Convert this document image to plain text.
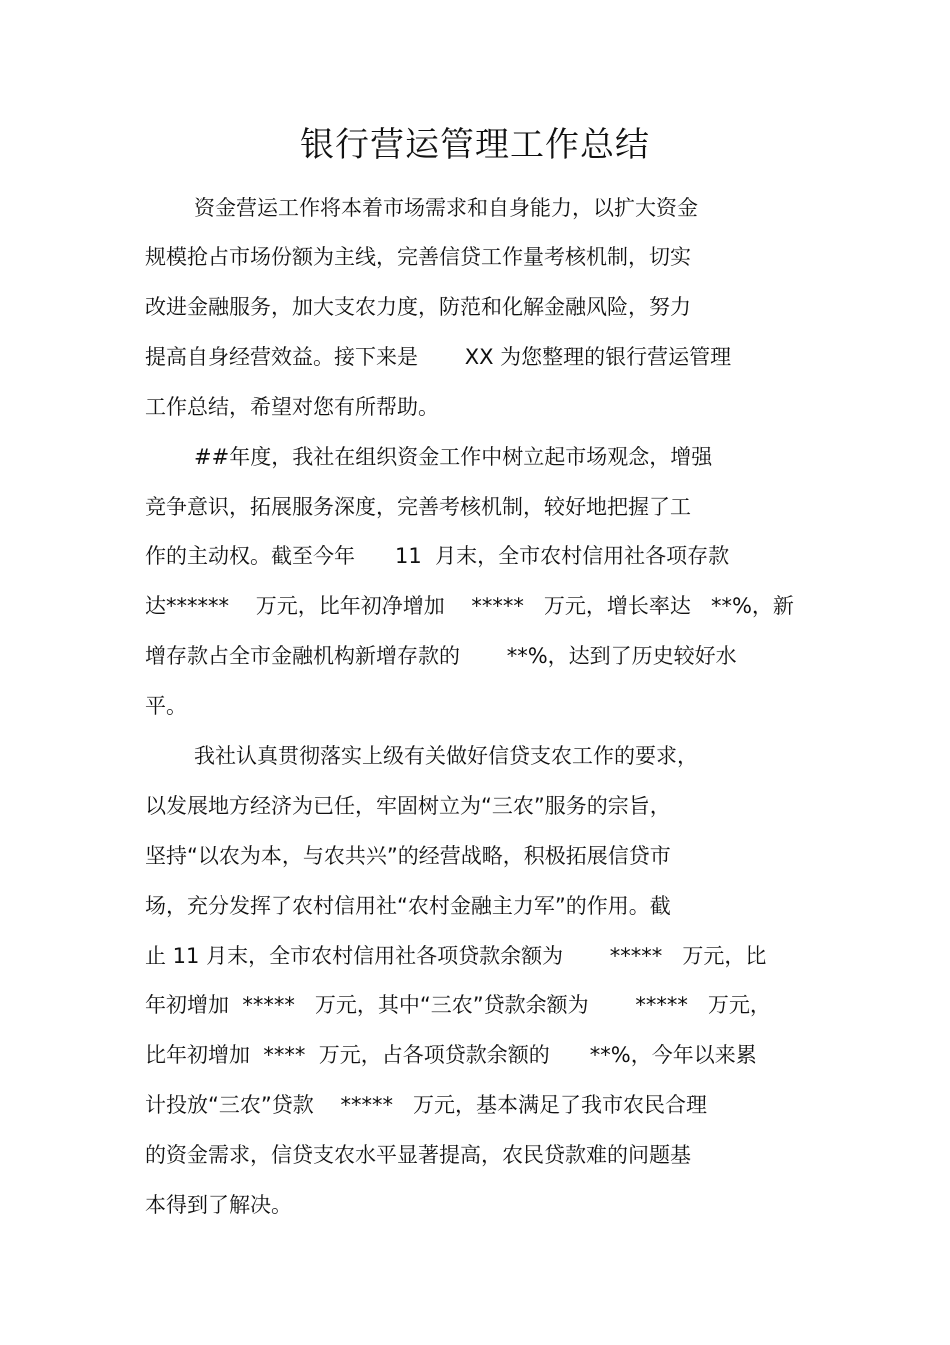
银行营运管理工作总结

资金营运工作将本着市场需求和自身能力，以扩大资金

规模抢占市场份额为主线，完善信贷工作量考核机制，切实

改进金融服务，加大支农力度，防范和化解金融风险，努力

提高自身经营效益。接下来是       XX 为您整理的银行营运管理

工作总结，希望对您有所帮助。

##年度，我社在组织资金工作中树立起市场观念，增强

竞争意识，拓展服务深度，完善考核机制，较好地把握了工

作的主动权。截至今年      11  月末，全市农村信用社各项存款

达******    万元，比年初净增加    *****   万元，增长率达   **%，新

增存款占全市金融机构新增存款的       **%，达到了历史较好水

平。

我社认真贯彻落实上级有关做好信贷支农工作的要求，

以发展地方经济为已任，牢固树立为“三农”服务的宗旨，

坚持“以农为本，与农共兴”的经营战略，积极拓展信贷市

场，充分发挥了农村信用社“农村金融主力军”的作用。截

止 11 月末，全市农村信用社各项贷款余额为       *****   万元，比

年初增加  *****   万元，其中“三农”贷款余额为       *****   万元，

比年初增加  ****  万元，占各项贷款余额的      **%，今年以来累

计投放“三农”贷款    *****   万元，基本满足了我市农民合理

的资金需求，信贷支农水平显著提高，农民贷款难的问题基

本得到了解决。
